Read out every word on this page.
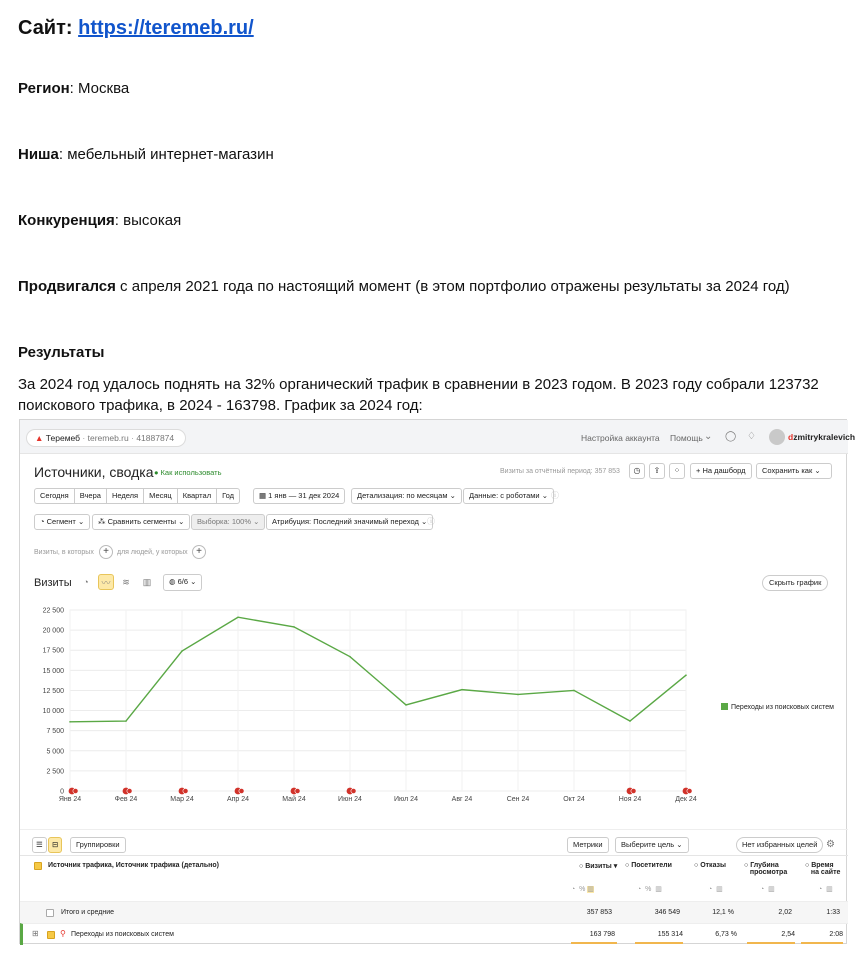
Сайт: https://teremeb.ru/
Регион: Москва
Ниша: мебельный интернет-магазин
Конкуренция: высокая
Продвигался с апреля 2021 года по настоящий момент (в этом портфолио отражены результаты за 2024 год)
Результаты
За 2024 год удалось поднять на 32% органический трафик в сравнении в 2023 годом. В 2023 году собрали 123732
поискового трафика, в 2024 - 163798. График за 2024 год:
▲ Теремеб · teremeb.ru · 41887874	Настройка аккаунта Помощь ⌄ ◯ ♢	dzmitrykralevich
Источники, сводка
● Как использовать	Визиты за отчётный период: 357 853	◷	⇪	⁘	+ На дашборд	Сохранить как ⌄
Сегодня	Вчера	Неделя	Месяц	Квартал	Год	▦ 1 янв — 31 дек 2024	Детализация: по месяцам ⌄	Данные: с роботами ⌄ ⓘ
◔ Сегмент ⌄	⁂ Сравнить сегменты ⌄	Выборка: 100% ⌄	Атрибуция: Последний значимый переход ⌄ ⓘ
Визиты, в которых +	для людей, у которых +
Визиты	◔	〰	≋	▥	◍ 6/6 ⌄	Скрыть график
0
2 500
5 000
7 500
10 000
12 500
15 000
17 500
20 000
22 500
Янв 24	Фев 24	Мар 24	Апр 24	Май 24	Июн 24	Июл 24	Авг 24	Сен 24	Окт 24	Ноя 24	Дек 24
Переходы из поисковых систем
☰	⊟	Группировки	Метрики	Выберите цель ⌄	Нет избранных целей ⚙
Источник трафика, Источник трафика (детально)	○ Визиты ▾ ○ Посетители	○ Отказы	○ Глубина
просмотра
○ Время
на сайте
◔  % ▥	◔  %  ▥	◔  ▥	◔  ▥	◔  ▥
Итого и средние	357 853	346 549	12,1 %	2,02	1:33
⊞	⚲ Переходы из поисковых систем	163 798	155 314	6,73 %	2,54	2:08
